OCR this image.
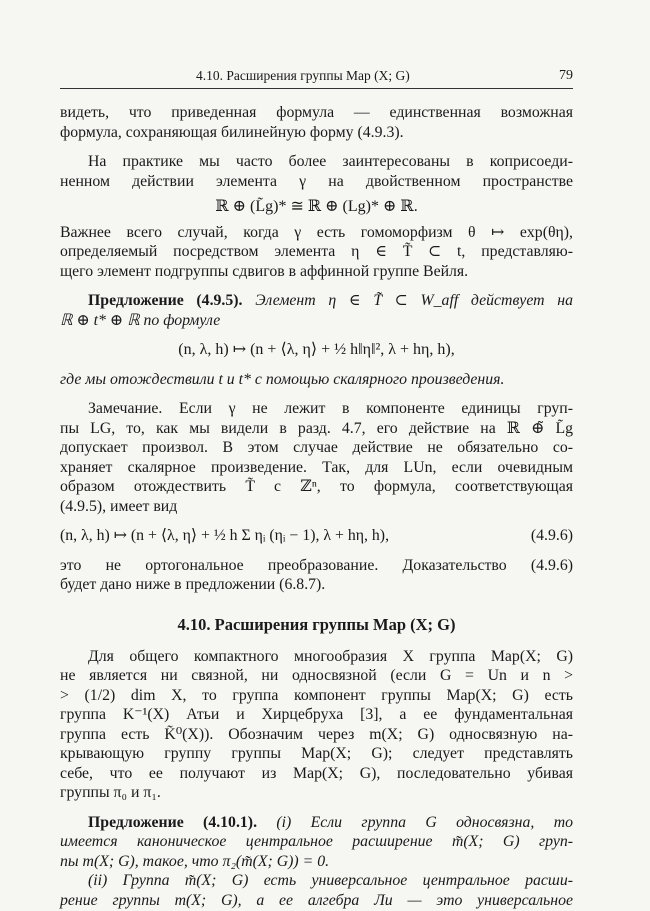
4.10. Расширения группы Map (X; G)	79

видеть, что приведенная формула — единственная возможная

формула, сохраняющая билинейную форму (4.9.3).

На практике мы часто более заинтересованы в коприсоеди-

ненном действии элемента γ на двойственном пространстве

ℝ ⊕ (L̃g)* ≅ ℝ ⊕ (Lg)* ⊕ ℝ.

Важнее всего случай, когда γ есть гомоморфизм θ ↦ exp(θη),

определяемый посредством элемента η ∈ T̃ ⊂ t, представляю-

щего элемент подгруппы сдвигов в аффинной группе Вейля.

Предложение (4.9.5). Элемент η ∈ T̃ ⊂ W_aff действует на

ℝ ⊕ t* ⊕ ℝ по формуле

(n, λ, h) ↦ (n + ⟨λ, η⟩ + ½ h‖η‖², λ + hη, h),

где мы отождествили t и t* с помощью скалярного произведения.

Замечание. Если γ не лежит в компоненте единицы груп-

пы LG, то, как мы видели в разд. 4.7, его действие на ℝ ⊕̃ L̃g

допускает произвол. В этом случае действие не обязательно со-

храняет скалярное произведение. Так, для LUn, если очевидным

образом отождествить T̃ с ℤⁿ, то формула, соответствующая

(4.9.5), имеет вид

(n, λ, h) ↦ (n + ⟨λ, η⟩ + ½ h Σ ηᵢ (ηᵢ − 1), λ + hη, h),	(4.9.6)

это не ортогональное преобразование. Доказательство (4.9.6)

будет дано ниже в предложении (6.8.7).

4.10. Расширения группы Map (X; G)

Для общего компактного многообразия X группа Map(X; G)

не является ни связной, ни односвязной (если G = Un и n >

> (1/2) dim X, то группа компонент группы Map(X; G) есть

группа K⁻¹(X) Атьи и Хирцебруха [3], а ее фундаментальная

группа есть K̃⁰(X)). Обозначим через m(X; G) односвязную на-

крывающую группу группы Map(X; G); следует представлять

себе, что ее получают из Map(X; G), последовательно убивая

группы π₀ и π₁.

Предложение (4.10.1). (i) Если группа G односвязна, то

имеется каноническое центральное расширение m̃(X; G) груп-

пы m(X; G), такое, что π₂(m̃(X; G)) = 0.

(ii) Группа m̃(X; G) есть универсальное центральное расши-

рение группы m(X; G), а ее алгебра Ли — это универсальное
